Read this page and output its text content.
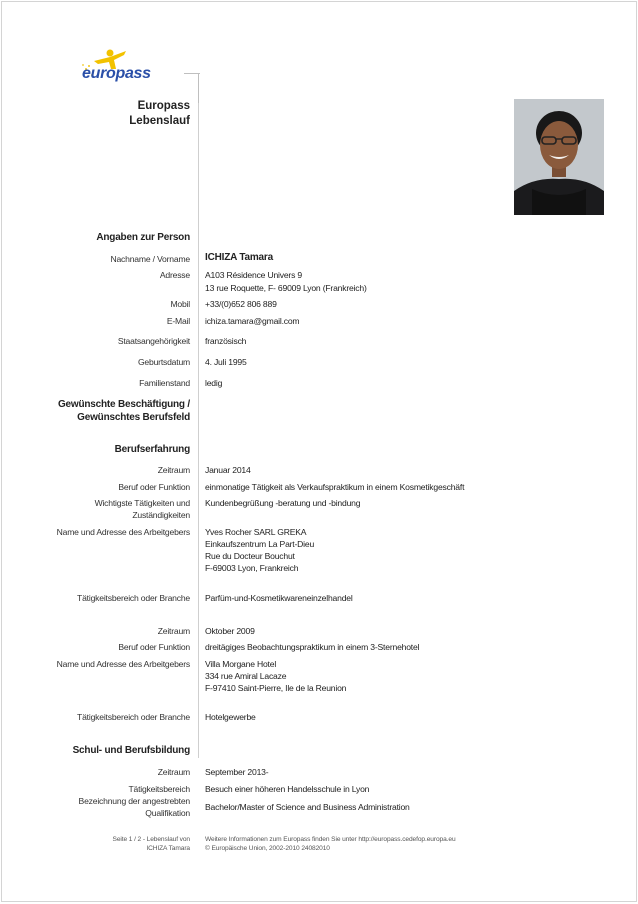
europass
Europass
Lebenslauf
Angaben zur Person
Nachname / Vorname ICHIZA Tamara
Adresse A103 Résidence Univers 9
13 rue Roquette, F- 69009 Lyon (Frankreich)
Mobil +33/(0)652 806 889
E-Mail ichiza.tamara@gmail.com
Staatsangehörigkeit französisch
Geburtsdatum 4. Juli 1995
Familienstand ledig
Gewünschte Beschäftigung /
Gewünschtes Berufsfeld
Berufserfahrung
Zeitraum Januar 2014
Beruf oder Funktion einmonatige Tätigkeit als Verkaufspraktikum in einem Kosmetikgeschäft
Wichtigste Tätigkeiten und
Zuständigkeiten
Kundenbegrüßung -beratung und -bindung
Name und Adresse des Arbeitgebers Yves Rocher SARL GREKA
Einkaufszentrum La Part-Dieu
Rue du Docteur Bouchut
F-69003 Lyon, Frankreich
Tätigkeitsbereich oder Branche Parfüm-und-Kosmetikwareneinzelhandel
Zeitraum Oktober 2009
Beruf oder Funktion dreitägiges Beobachtungspraktikum in einem 3-Sternehotel
Name und Adresse des Arbeitgebers Villa Morgane Hotel
334 rue Amiral Lacaze
F-97410 Saint-Pierre, Ile de la Reunion
Tätigkeitsbereich oder Branche Hotelgewerbe
Schul- und Berufsbildung
Zeitraum September 2013-
Tätigkeitsbereich Besuch einer höheren Handelsschule in Lyon
Bezeichnung der angestrebten
Qualifikation
Bachelor/Master of Science and Business Administration
Seite 1 / 2 - Lebenslauf von
ICHIZA Tamara
Weitere Informationen zum Europass finden Sie unter http://europass.cedefop.europa.eu
© Europäische Union, 2002-2010 24082010
